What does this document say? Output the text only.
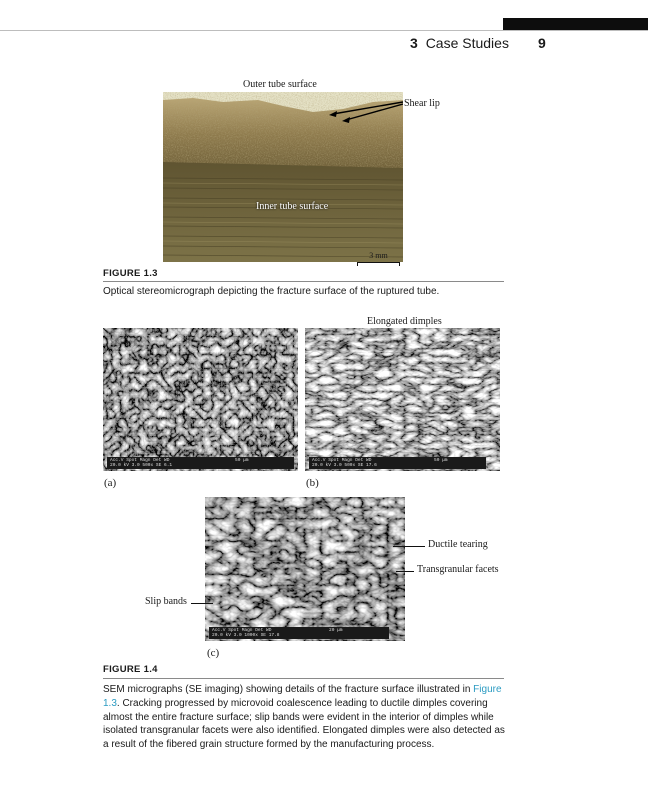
3 Case Studies 9
Outer tube surface
Shear lip
Inner tube surface
3 mm
FIGURE 1.3
Optical stereomicrograph depicting the fracture surface of the ruptured tube.
Elongated dimples
Acc.V Spot Magn Det WD
20.0 kV 3.0 500x SE 6.1
50 μm	Acc.V Spot Magn Det WD
20.0 kV 3.0 500x SE 17.6
50 μm
(a)	(b)
Acc.V Spot Magn Det WD
20.0 kV 3.0 1000x SE 17.8
20 μm
Ductile tearing
Transgranular facets
Slip bands
(c)
FIGURE 1.4
SEM micrographs (SE imaging) showing details of the fracture surface illustrated in Figure 1.3. Cracking progressed by microvoid coalescence leading to ductile dimples covering almost the entire fracture surface; slip bands were evident in the interior of dimples while isolated transgranular facets were also identified. Elongated dimples were also detected as a result of the fibered grain structure formed by the manufacturing process.
